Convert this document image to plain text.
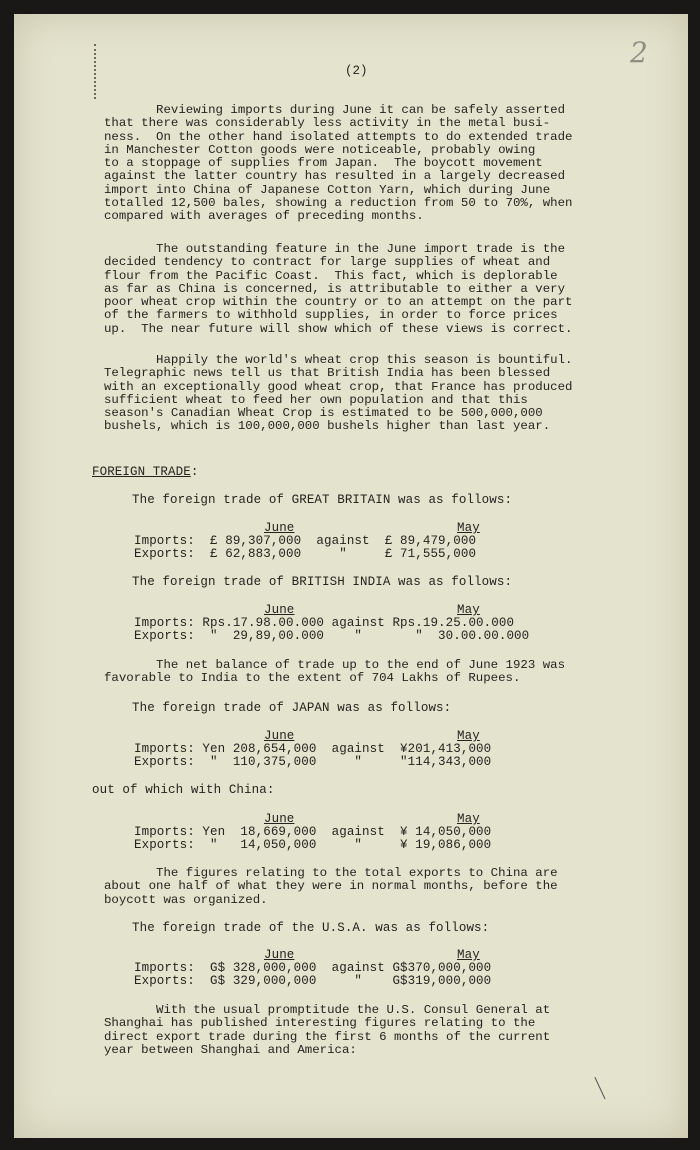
2
(2)
Reviewing imports during June it can be safely asserted
that there was considerably less activity in the metal busi-
ness.  On the other hand isolated attempts to do extended trade
in Manchester Cotton goods were noticeable, probably owing
to a stoppage of supplies from Japan.  The boycott movement
against the latter country has resulted in a largely decreased
import into China of Japanese Cotton Yarn, which during June
totalled 12,500 bales, showing a reduction from 50 to 70%, when
compared with averages of preceding months.
The outstanding feature in the June import trade is the
decided tendency to contract for large supplies of wheat and
flour from the Pacific Coast.  This fact, which is deplorable
as far as China is concerned, is attributable to either a very
poor wheat crop within the country or to an attempt on the part
of the farmers to withhold supplies, in order to force prices
up.  The near future will show which of these views is correct.
Happily the world's wheat crop this season is bountiful.
Telegraphic news tell us that British India has been blessed
with an exceptionally good wheat crop, that France has produced
sufficient wheat to feed her own population and that this
season's Canadian Wheat Crop is estimated to be 500,000,000
bushels, which is 100,000,000 bushels higher than last year.
FOREIGN TRADE:
The foreign trade of GREAT BRITAIN was as follows:
June	May
Imports:  £ 89,307,000  against  £ 89,479,000
Exports:  £ 62,883,000     "     £ 71,555,000
The foreign trade of BRITISH INDIA was as follows:
June	May
Imports: Rps.17.98.00.000 against Rps.19.25.00.000
Exports:  "  29,89,00.000    "       "  30.00.00.000
The net balance of trade up to the end of June 1923 was
favorable to India to the extent of 704 Lakhs of Rupees.
The foreign trade of JAPAN was as follows:
June	May
Imports: Yen 208,654,000  against  ¥201,413,000
Exports:  "  110,375,000     "     "114,343,000
out of which with China:
June	May
Imports: Yen  18,669,000  against  ¥ 14,050,000
Exports:  "   14,050,000     "     ¥ 19,086,000
The figures relating to the total exports to China are
about one half of what they were in normal months, before the
boycott was organized.
The foreign trade of the U.S.A. was as follows:
June	May
Imports:  G$ 328,000,000  against G$370,000,000
Exports:  G$ 329,000,000     "    G$319,000,000
With the usual promptitude the U.S. Consul General at
Shanghai has published interesting figures relating to the
direct export trade during the first 6 months of the current
year between Shanghai and America:
